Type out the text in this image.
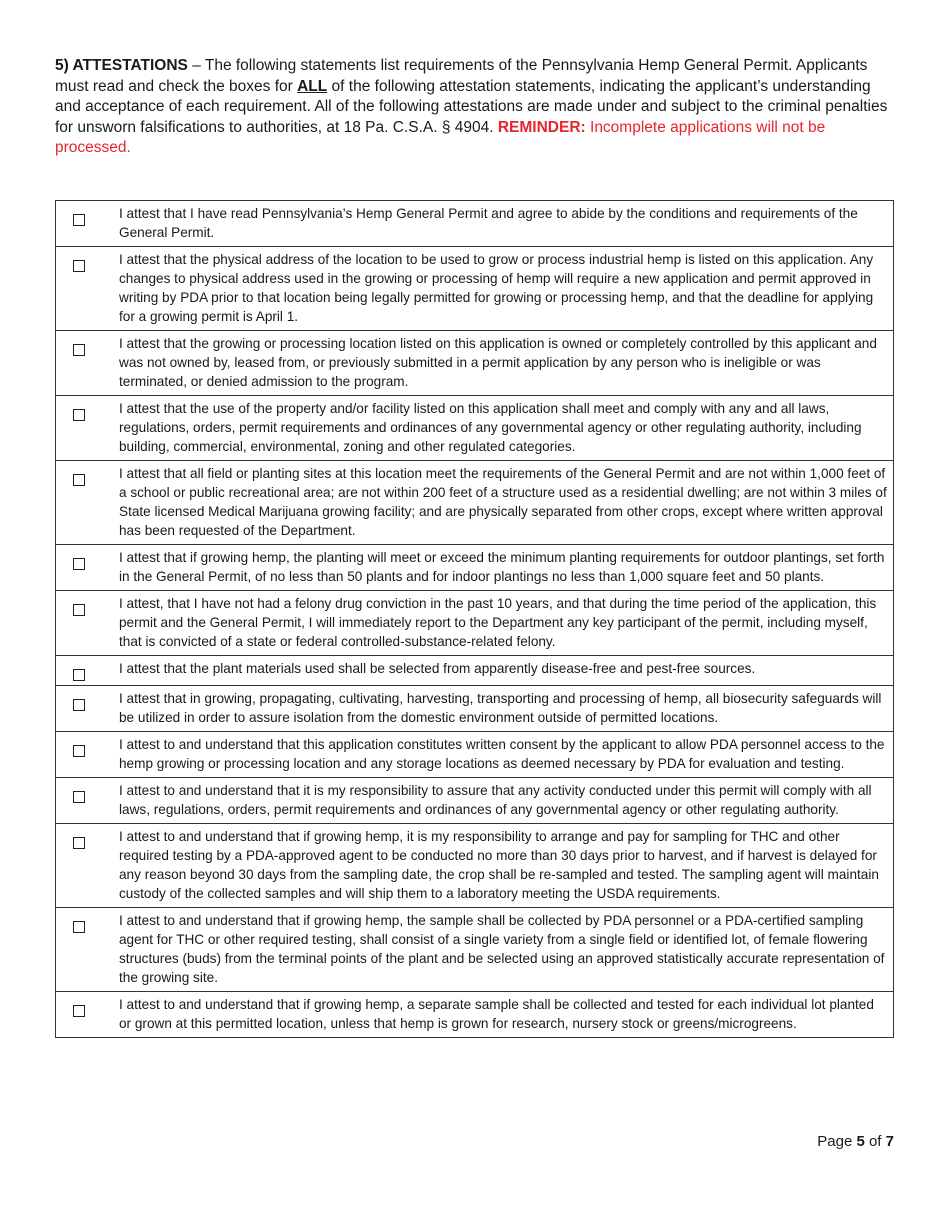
5) ATTESTATIONS – The following statements list requirements of the Pennsylvania Hemp General Permit. Applicants must read and check the boxes for ALL of the following attestation statements, indicating the applicant’s understanding and acceptance of each requirement. All of the following attestations are made under and subject to the criminal penalties for unsworn falsifications to authorities, at 18 Pa. C.S.A. § 4904. REMINDER: Incomplete applications will not be processed.
	I attest that I have read Pennsylvania’s Hemp General Permit and agree to abide by the conditions and requirements of the General Permit.

	I attest that the physical address of the location to be used to grow or process industrial hemp is listed on this application. Any changes to physical address used in the growing or processing of hemp will require a new application and permit approved in writing by PDA prior to that location being legally permitted for growing or processing hemp, and that the deadline for applying for a growing permit is April 1.

	I attest that the growing or processing location listed on this application is owned or completely controlled by this applicant and was not owned by, leased from, or previously submitted in a permit application by any person who is ineligible or was terminated, or denied admission to the program.

	I attest that the use of the property and/or facility listed on this application shall meet and comply with any and all laws, regulations, orders, permit requirements and ordinances of any governmental agency or other regulating authority, including building, commercial, environmental, zoning and other regulated categories.

	I attest that all field or planting sites at this location meet the requirements of the General Permit and are not within 1,000 feet of a school or public recreational area; are not within 200 feet of a structure used as a residential dwelling; are not within 3 miles of State licensed Medical Marijuana growing facility; and are physically separated from other crops, except where written approval has been requested of the Department.

	I attest that if growing hemp, the planting will meet or exceed the minimum planting requirements for outdoor plantings, set forth in the General Permit, of no less than 50 plants and for indoor plantings no less than 1,000 square feet and 50 plants.

	I attest, that I have not had a felony drug conviction in the past 10 years, and that during the time period of the application, this permit and the General Permit, I will immediately report to the Department any key participant of the permit, including myself, that is convicted of a state or federal controlled-substance-related felony.

	I attest that the plant materials used shall be selected from apparently disease-free and pest-free sources.

	I attest that in growing, propagating, cultivating, harvesting, transporting and processing of hemp, all biosecurity safeguards will be utilized in order to assure isolation from the domestic environment outside of permitted locations.

	I attest to and understand that this application constitutes written consent by the applicant to allow PDA personnel access to the hemp growing or processing location and any storage locations as deemed necessary by PDA for evaluation and testing.

	I attest to and understand that it is my responsibility to assure that any activity conducted under this permit will comply with all laws, regulations, orders, permit requirements and ordinances of any governmental agency or other regulating authority.

	I attest to and understand that if growing hemp, it is my responsibility to arrange and pay for sampling for THC and other required testing by a PDA-approved agent to be conducted no more than 30 days prior to harvest, and if harvest is delayed for any reason beyond 30 days from the sampling date, the crop shall be re-sampled and tested. The sampling agent will maintain custody of the collected samples and will ship them to a laboratory meeting the USDA requirements.

	I attest to and understand that if growing hemp, the sample shall be collected by PDA personnel or a PDA-certified sampling agent for THC or other required testing, shall consist of a single variety from a single field or identified lot, of female flowering structures (buds) from the terminal points of the plant and be selected using an approved statistically accurate representation of the growing site.

	I attest to and understand that if growing hemp, a separate sample shall be collected and tested for each individual lot planted or grown at this permitted location, unless that hemp is grown for research, nursery stock or greens/microgreens.
Page 5 of 7
